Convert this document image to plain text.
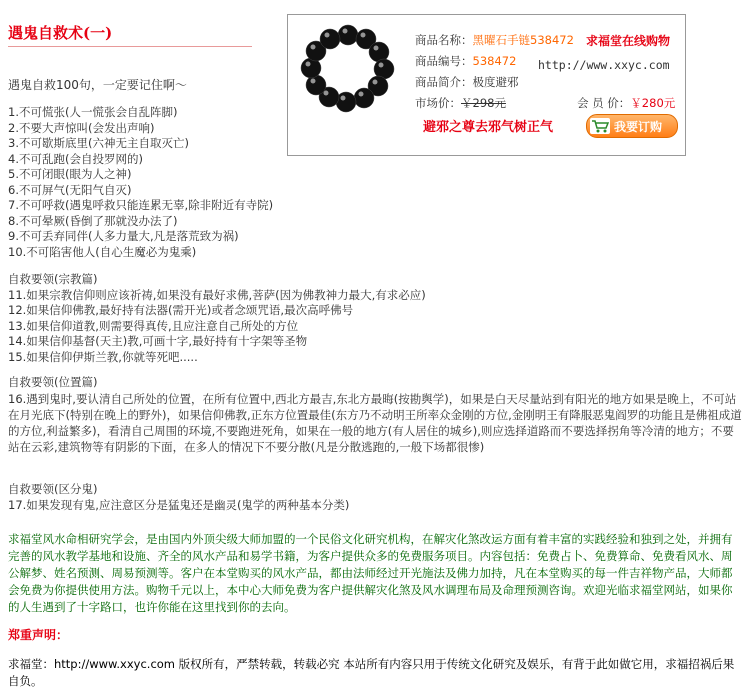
遇鬼自救术(一)	商品名称：黑曜石手链538472 求福堂在线购物
商品编号：538472 http://www.xxyc.com
商品简介：极度避邪
市场价：￥298元	会 员 价：￥280元
避邪之尊去邪气树正气	我要订购
遇鬼自救100句，一定要记住啊～
1.不可慌张(人一慌张会自乱阵脚)
2.不要大声惊叫(会发出声响)
3.不可歇斯底里(六神无主自取灭亡)
4.不可乱跑(会自投罗网的)
5.不可闭眼(眼为人之神)
6.不可屏气(无阳气自灭)
7.不可呼救(遇鬼呼救只能连累无辜,除非附近有寺院)
8.不可晕厥(昏倒了那就没办法了)
9.不可丢弃同伴(人多力量大,凡是落荒致为祸)
10.不可陷害他人(自心生魔必为鬼乘)
自救要领(宗教篇)
11.如果宗教信仰则应该祈祷,如果没有最好求佛,菩萨(因为佛教神力最大,有求必应)
12.如果信仰佛教,最好持有法器(需开光)或者念颂咒语,最次高呼佛号
13.如果信仰道教,则需要得真传,且应注意自己所处的方位
14.如果信仰基督(天主)教,可画十字,最好持有十字架等圣物
15.如果信仰伊斯兰教,你就等死吧.....
自救要领(位置篇)

16.遇到鬼时,要认清自己所处的位置，在所有位置中,西北方最吉,东北方最晦(按勘舆学)，如果是白天尽量站到有阳光的地方如果是晚上，不可站在月光底下(特别在晚上的野外)，如果信仰佛教,正东方位置最佳(东方乃不动明王所率众金刚的方位,金刚明王有降服恶鬼阎罗的功能且是佛祖成道的方位,利益繁多)，看清自己周围的环境,不要跑进死角，如果在一般的地方(有人居住的城乡),则应选择道路而不要选择拐角等冷清的地方；不要站在云彩,建筑物等有阴影的下面，在多人的情况下不要分散(凡是分散逃跑的,一般下场都很惨)

自救要领(区分鬼)
17.如果发现有鬼,应注意区分是猛鬼还是幽灵(鬼学的两种基本分类)

求福堂风水命相研究学会，是由国内外顶尖级大师加盟的一个民俗文化研究机构，在解灾化煞改运方面有着丰富的实践经验和独到之处，并拥有完善的风水教学基地和设施、齐全的风水产品和易学书籍，为客户提供众多的免费服务项目。内容包括：免费占卜、免费算命、免费看风水、周公解梦、姓名预测、周易预测等。客户在本堂购买的风水产品，都由法师经过开光施法及佛力加持，凡在本堂购买的每一件吉祥物产品，大师都会免费为你提供使用方法。购物千元以上，本中心大师免费为客户提供解灾化煞及风水调理布局及命理预测咨询。欢迎光临求福堂网站，如果你的人生遇到了十字路口，也许你能在这里找到你的去向。

郑重声明：

求福堂：http://www.xxyc.com 版权所有，严禁转载，转载必究 本站所有内容只用于传统文化研究及娱乐，有背于此如做它用，求福招祸后果自负。
